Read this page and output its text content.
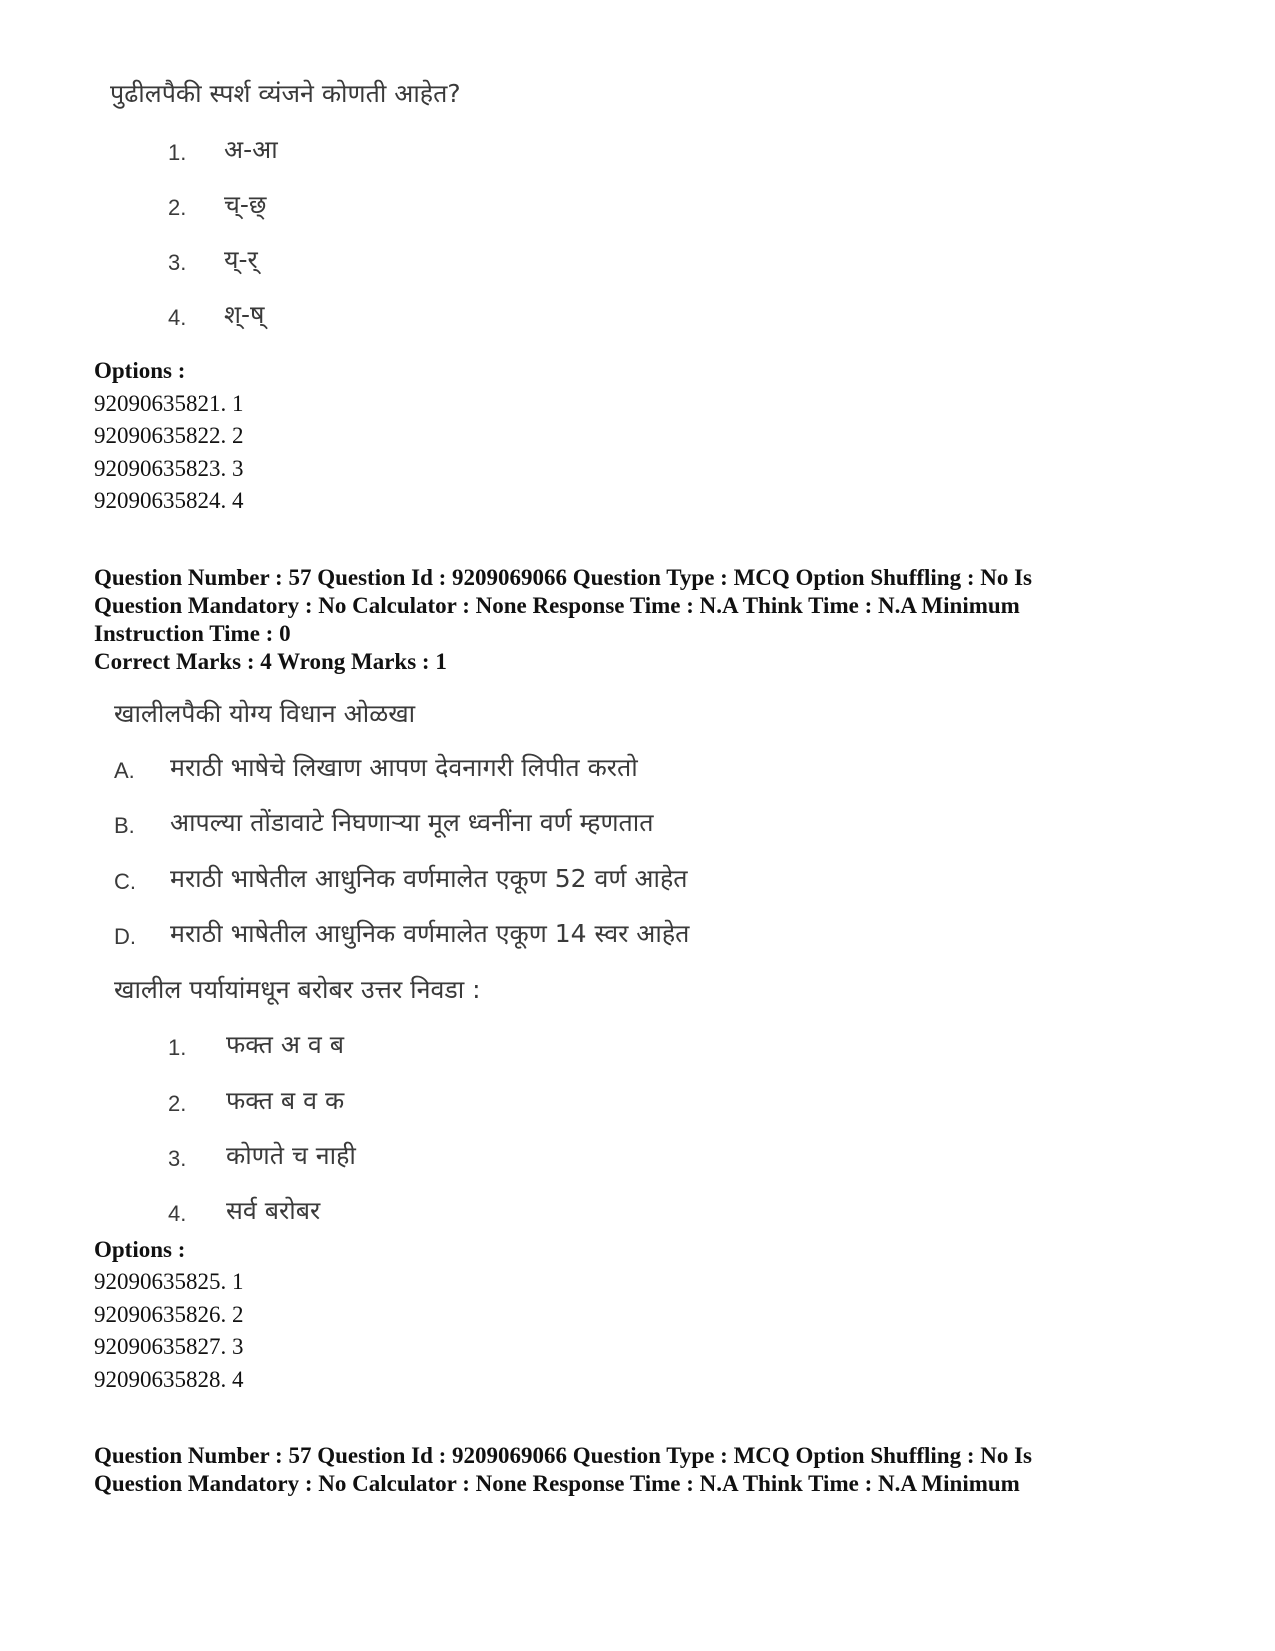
पुढीलपैकी स्पर्श व्यंजने कोणती आहेत?
1. अ-आ
2. च्-छ्
3. य्-र्
4. श्-ष्
Options :
92090635821. 1
92090635822. 2
92090635823. 3
92090635824. 4
Question Number : 57 Question Id : 9209069066 Question Type : MCQ Option Shuffling : No Is
Question Mandatory : No Calculator : None Response Time : N.A Think Time : N.A Minimum
Instruction Time : 0
Correct Marks : 4 Wrong Marks : 1
खालीलपैकी योग्य विधान ओळखा
A. मराठी भाषेचे लिखाण आपण देवनागरी लिपीत करतो
B. आपल्या तोंडावाटे निघणाऱ्या मूल ध्वनींना वर्ण म्हणतात
C. मराठी भाषेतील आधुनिक वर्णमालेत एकूण 52 वर्ण आहेत
D. मराठी भाषेतील आधुनिक वर्णमालेत एकूण 14 स्वर आहेत
खालील पर्यायांमधून बरोबर उत्तर निवडा :
1. फक्त अ व ब
2. फक्त ब व क
3. कोणते च नाही
4. सर्व बरोबर
Options :
92090635825. 1
92090635826. 2
92090635827. 3
92090635828. 4
Question Number : 57 Question Id : 9209069066 Question Type : MCQ Option Shuffling : No Is
Question Mandatory : No Calculator : None Response Time : N.A Think Time : N.A Minimum
